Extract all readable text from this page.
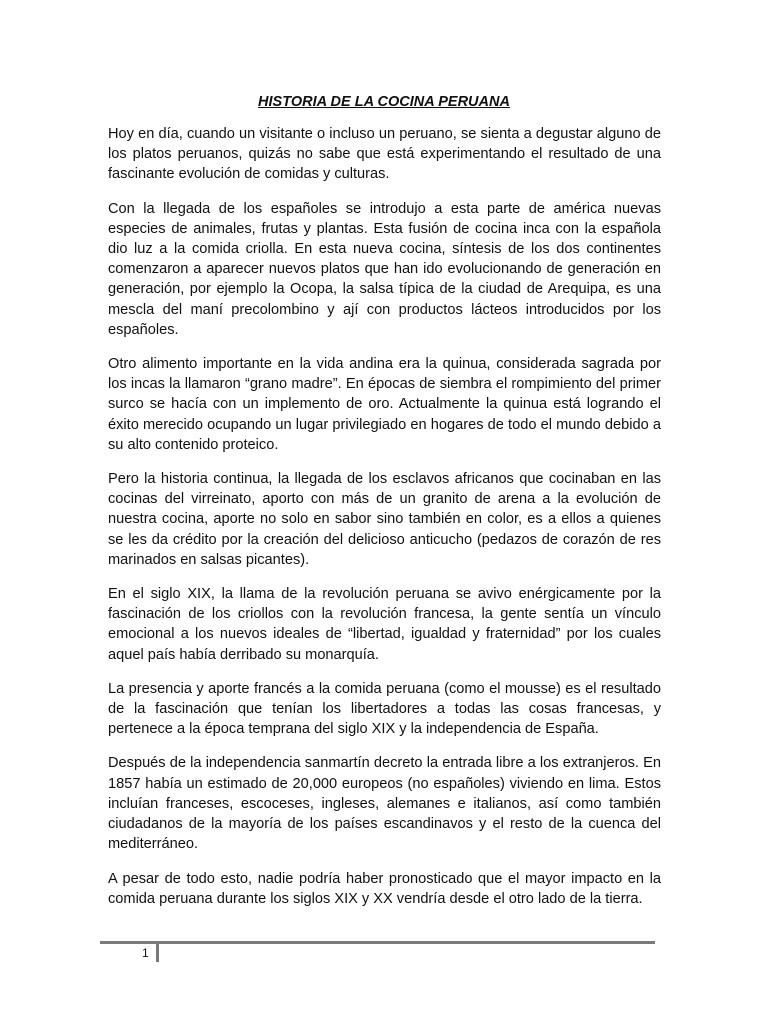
HISTORIA DE LA COCINA PERUANA

Hoy en día, cuando un visitante o incluso un peruano, se sienta a degustar alguno de los platos peruanos, quizás no sabe que está experimentando el resultado de una fascinante evolución de comidas y culturas.

Con la llegada de los españoles se introdujo a esta parte de américa nuevas especies de animales, frutas y plantas. Esta fusión de cocina inca con la española dio luz a la comida criolla. En esta nueva cocina, síntesis de los dos continentes comenzaron a aparecer nuevos platos que han ido evolucionando de generación en generación, por ejemplo la Ocopa, la salsa típica de la ciudad de Arequipa, es una mescla del maní precolombino y ají con productos lácteos introducidos por los españoles.

Otro alimento importante en la vida andina era la quinua, considerada sagrada por los incas la llamaron “grano madre”. En épocas de siembra el rompimiento del primer surco se hacía con un implemento de oro. Actualmente la quinua está logrando el éxito merecido ocupando un lugar privilegiado en hogares de todo el mundo debido a su alto contenido proteico.

Pero la historia continua, la llegada de los esclavos africanos que cocinaban en las cocinas del virreinato, aporto con más de un granito de arena a la evolución de nuestra cocina, aporte no solo en sabor sino también en color, es a ellos a quienes se les da crédito por la creación del delicioso anticucho (pedazos de corazón de res marinados en salsas picantes).

En el siglo XIX, la llama de la revolución peruana se avivo enérgicamente por la fascinación de los criollos con la revolución francesa, la gente sentía un vínculo emocional a los nuevos ideales de “libertad, igualdad y fraternidad” por los cuales aquel país había derribado su monarquía.

La presencia y aporte francés a la comida peruana (como el mousse) es el resultado de la fascinación que tenían los libertadores a todas las cosas francesas, y pertenece a la época temprana del siglo XIX y la independencia de España.

Después de la independencia sanmartín decreto la entrada libre a los extranjeros. En 1857 había un estimado de 20,000 europeos (no españoles) viviendo en lima. Estos incluían franceses, escoceses, ingleses, alemanes e italianos, así como también ciudadanos de la mayoría de los países escandinavos y el resto de la cuenca del mediterráneo.

A pesar de todo esto, nadie podría haber pronosticado que el mayor impacto en la comida peruana durante los siglos XIX y XX vendría desde el otro lado de la tierra.

1
